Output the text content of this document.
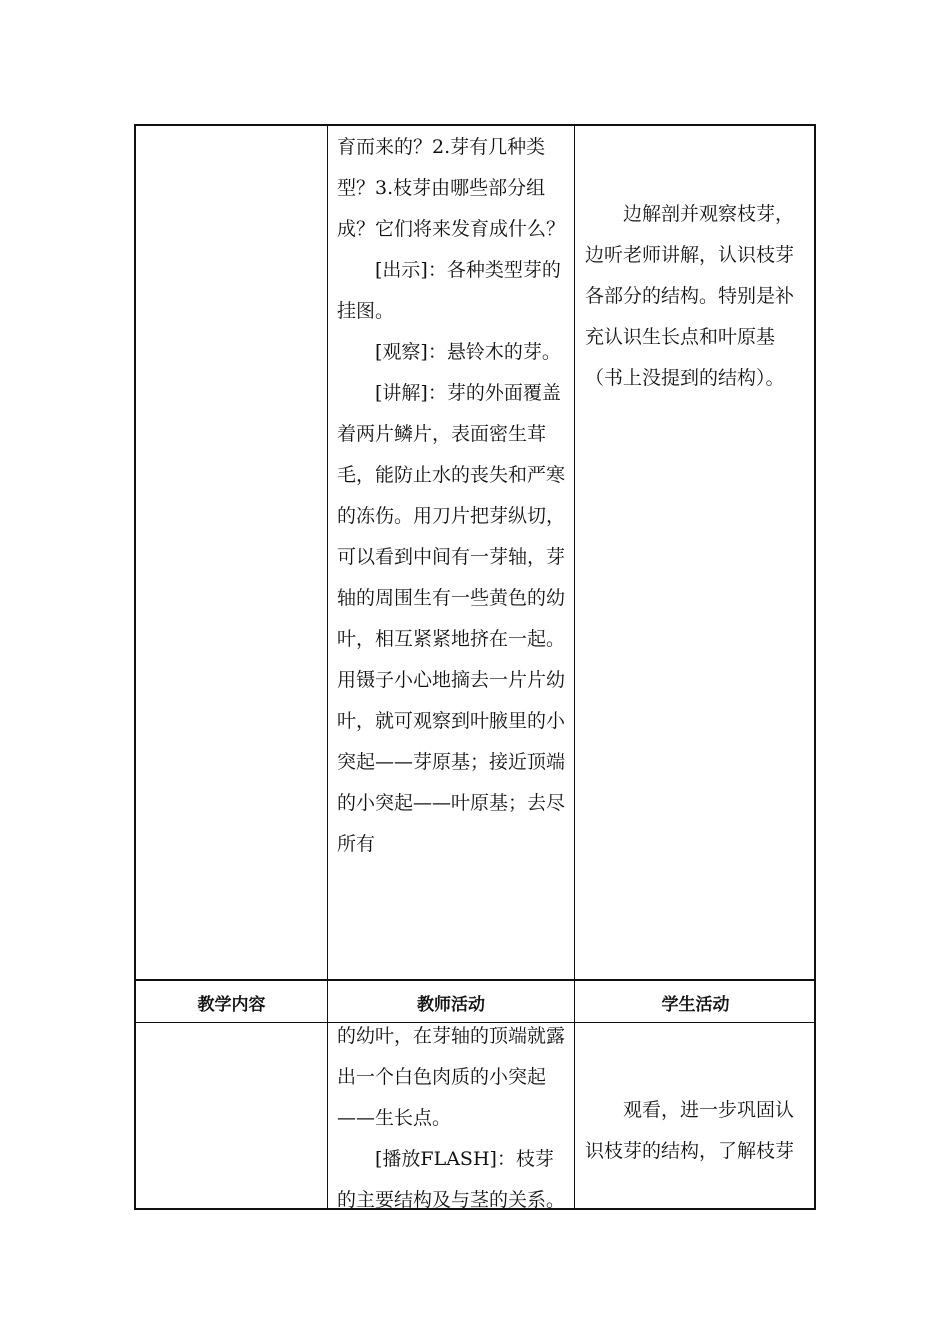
育而来的？2.芽有几种类型？3.枝芽由哪些部分组成？它们将来发育成什么？

[出示]：各种类型芽的挂图。

[观察]：悬铃木的芽。

[讲解]：芽的外面覆盖着两片鳞片，表面密生茸毛，能防止水的丧失和严寒的冻伤。用刀片把芽纵切，可以看到中间有一芽轴，芽轴的周围生有一些黄色的幼叶，相互紧紧地挤在一起。用镊子小心地摘去一片片幼叶，就可观察到叶腋里的小突起——芽原基；接近顶端的小突起——叶原基；去尽所有

边解剖并观察枝芽，边听老师讲解，认识枝芽各部分的结构。特别是补充认识生长点和叶原基（书上没提到的结构）。

教学内容	教师活动	学生活动

的幼叶，在芽轴的顶端就露出一个白色肉质的小突起——生长点。

[播放FLASH]：枝芽的主要结构及与茎的关系。

观看，进一步巩固认识枝芽的结构，了解枝芽
